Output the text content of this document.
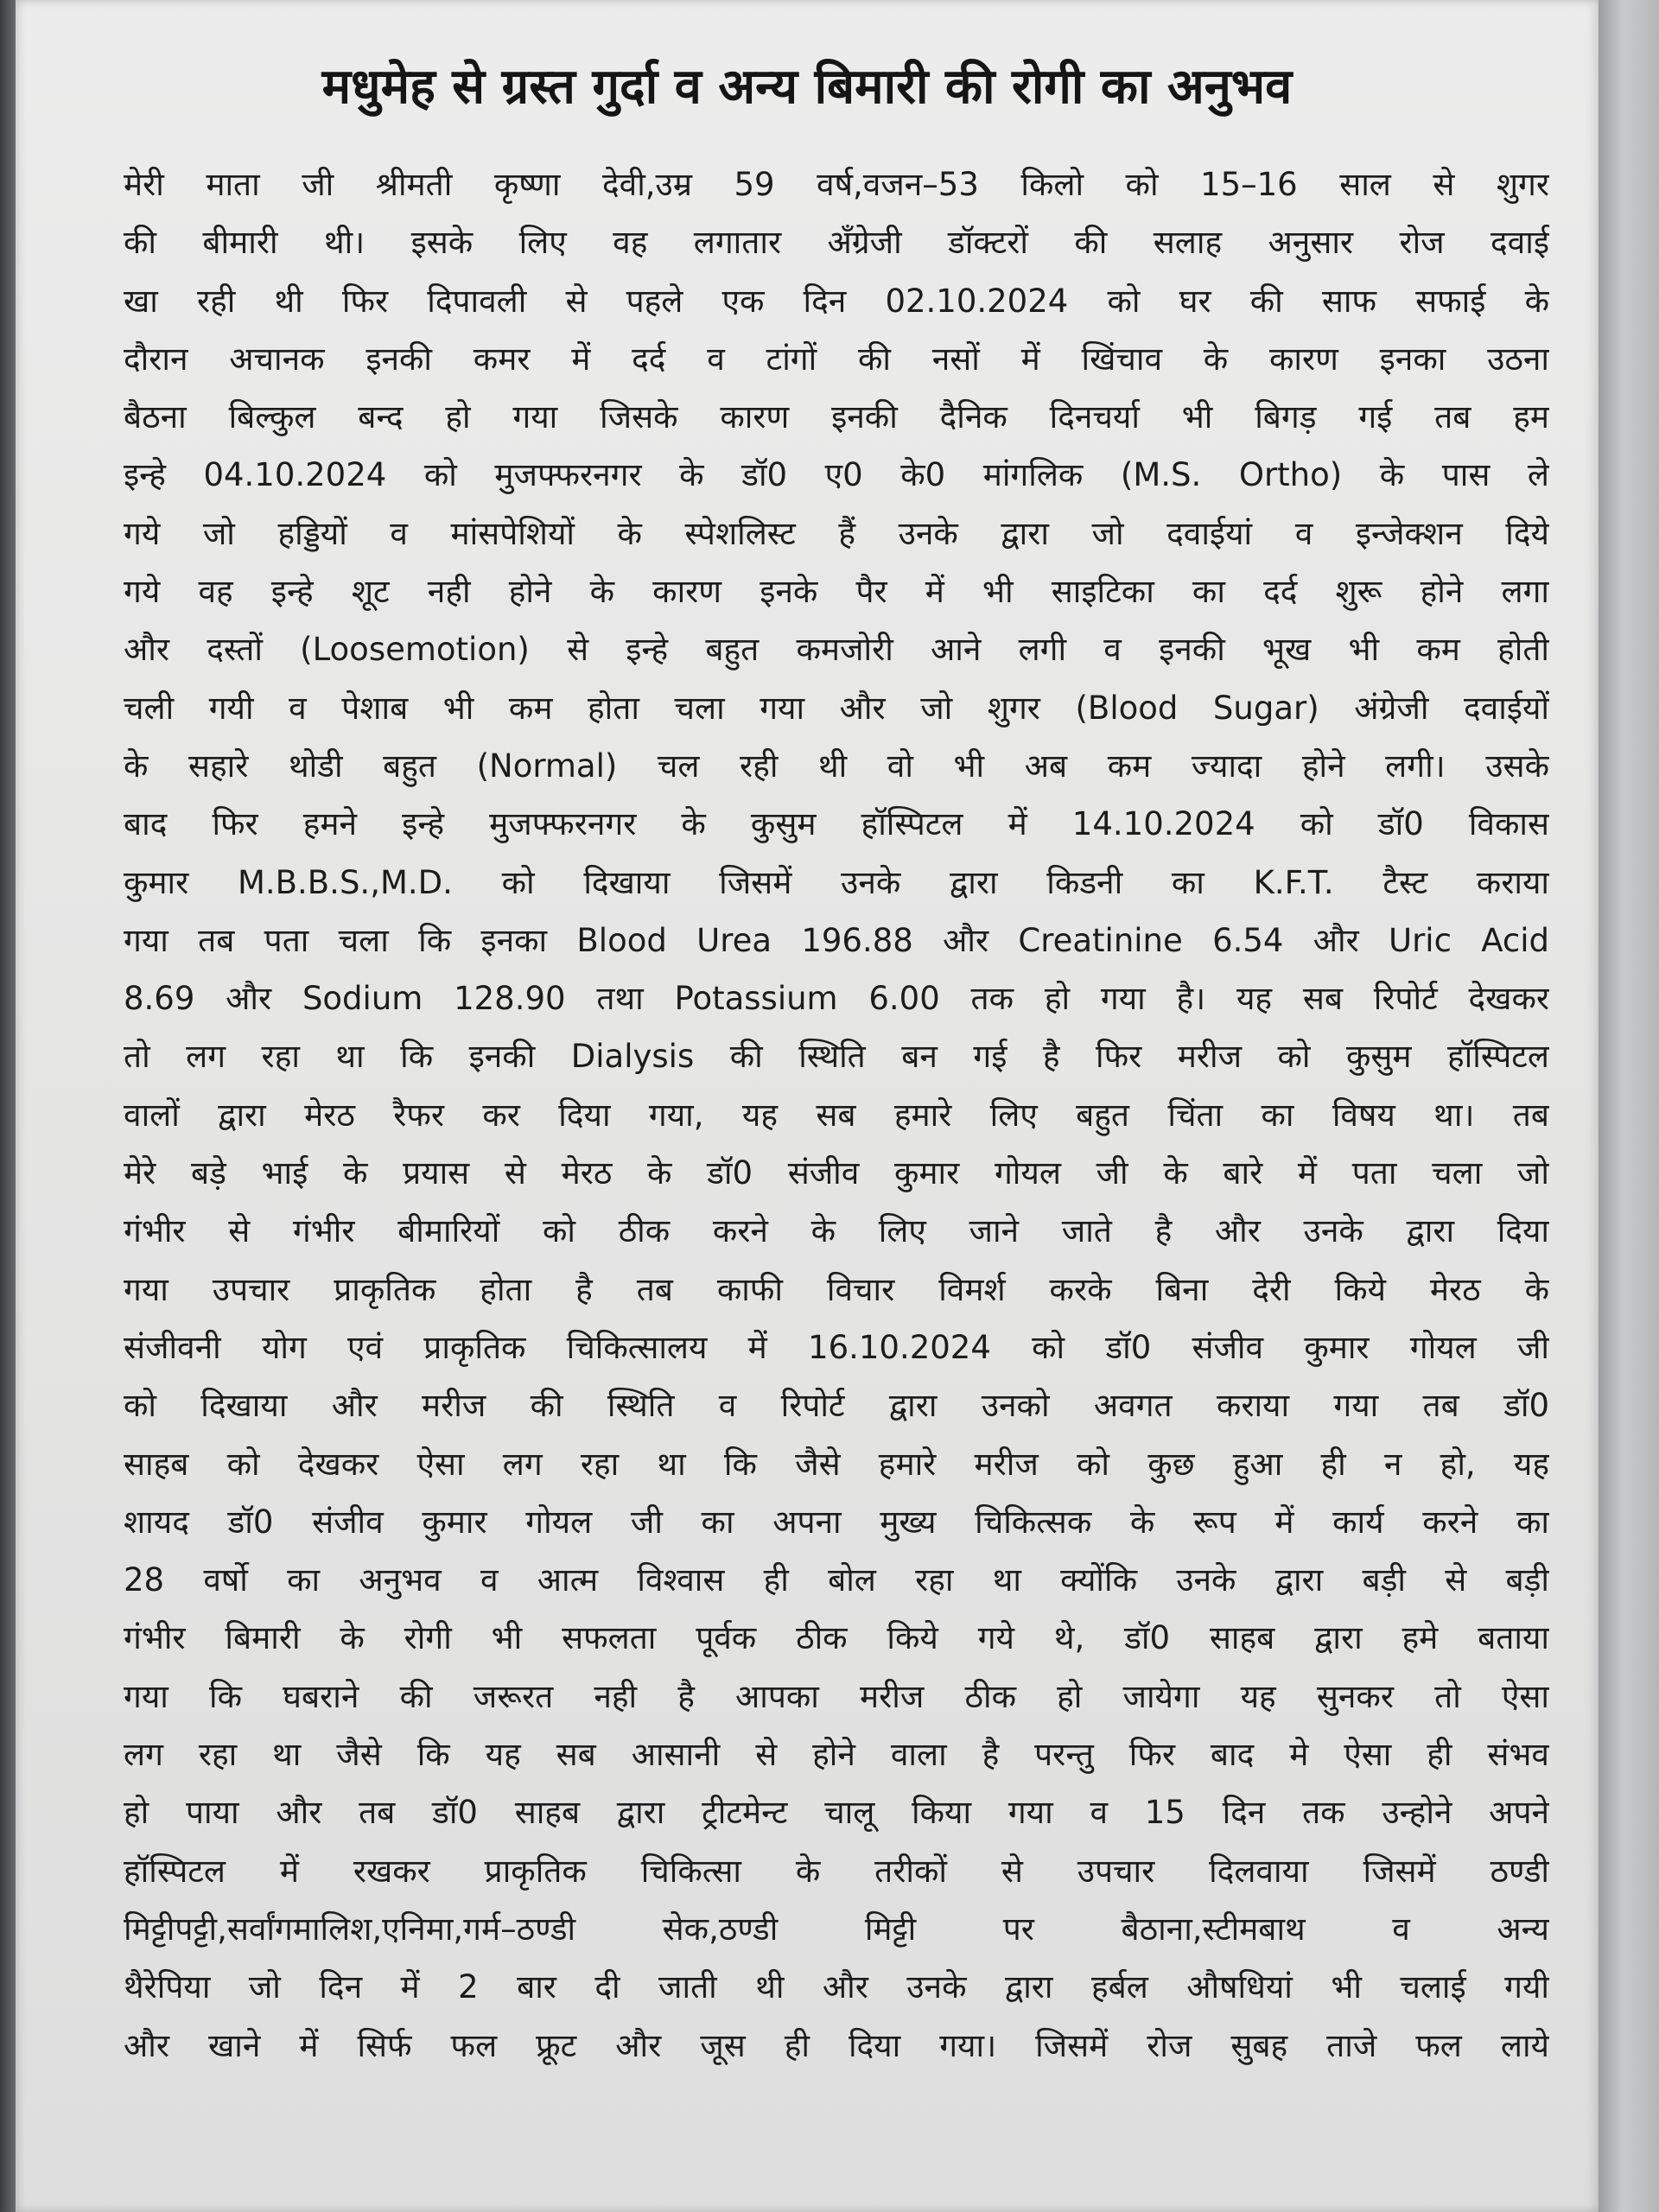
मधुमेह से ग्रस्त गुर्दा व अन्य बिमारी की रोगी का अनुभव
मेरी माता जी श्रीमती कृष्णा देवी,उम्र 59 वर्ष,वजन–53 किलो को 15–16 साल से शुगर
की बीमारी थी। इसके लिए वह लगातार अँग्रेजी डॉक्टरों की सलाह अनुसार रोज दवाई
खा रही थी फिर दिपावली से पहले एक दिन 02.10.2024 को घर की साफ सफाई के
दौरान अचानक इनकी कमर में दर्द व टांगों की नसों में खिंचाव के कारण इनका उठना
बैठना बिल्कुल बन्द हो गया जिसके कारण इनकी दैनिक दिनचर्या भी बिगड़ गई तब हम
इन्हे 04.10.2024 को मुजफ्फरनगर के डॉ0 ए0 के0 मांगलिक (M.S. Ortho) के पास ले
गये जो हड्डियों व मांसपेशियों के स्पेशलिस्ट हैं उनके द्वारा जो दवाईयां व इन्जेक्शन दिये
गये वह इन्हे शूट नही होने के कारण इनके पैर में भी साइटिका का दर्द शुरू होने लगा
और दस्तों (Loosemotion) से इन्हे बहुत कमजोरी आने लगी व इनकी भूख भी कम होती
चली गयी व पेशाब भी कम होता चला गया और जो शुगर (Blood Sugar) अंग्रेजी दवाईयों
के सहारे थोडी बहुत (Normal) चल रही थी वो भी अब कम ज्यादा होने लगी। उसके
बाद फिर हमने इन्हे मुजफ्फरनगर के कुसुम हॉस्पिटल में 14.10.2024 को डॉ0 विकास
कुमार M.B.B.S.,M.D. को दिखाया जिसमें उनके द्वारा किडनी का K.F.T. टैस्ट कराया
गया तब पता चला कि इनका Blood Urea 196.88 और Creatinine 6.54 और Uric Acid
8.69 और Sodium 128.90 तथा Potassium 6.00 तक हो गया है। यह सब रिपोर्ट देखकर
तो लग रहा था कि इनकी Dialysis की स्थिति बन गई है फिर मरीज को कुसुम हॉस्पिटल
वालों द्वारा मेरठ रैफर कर दिया गया, यह सब हमारे लिए बहुत चिंता का विषय था। तब
मेरे बड़े भाई के प्रयास से मेरठ के डॉ0 संजीव कुमार गोयल जी के बारे में पता चला जो
गंभीर से गंभीर बीमारियों को ठीक करने के लिए जाने जाते है और उनके द्वारा दिया
गया उपचार प्राकृतिक होता है तब काफी विचार विमर्श करके बिना देरी किये मेरठ के
संजीवनी योग एवं प्राकृतिक चिकित्सालय में 16.10.2024 को डॉ0 संजीव कुमार गोयल जी
को दिखाया और मरीज की स्थिति व रिपोर्ट द्वारा उनको अवगत कराया गया तब डॉ0
साहब को देखकर ऐसा लग रहा था कि जैसे हमारे मरीज को कुछ हुआ ही न हो, यह
शायद डॉ0 संजीव कुमार गोयल जी का अपना मुख्य चिकित्सक के रूप में कार्य करने का
28 वर्षो का अनुभव व आत्म विश्वास ही बोल रहा था क्योंकि उनके द्वारा बड़ी से बड़ी
गंभीर बिमारी के रोगी भी सफलता पूर्वक ठीक किये गये थे, डॉ0 साहब द्वारा हमे बताया
गया कि घबराने की जरूरत नही है आपका मरीज ठीक हो जायेगा यह सुनकर तो ऐसा
लग रहा था जैसे कि यह सब आसानी से होने वाला है परन्तु फिर बाद मे ऐसा ही संभव
हो पाया और तब डॉ0 साहब द्वारा ट्रीटमेन्ट चालू किया गया व 15 दिन तक उन्होने अपने
हॉस्पिटल में रखकर प्राकृतिक चिकित्सा के तरीकों से उपचार दिलवाया जिसमें ठण्डी
मिट्टीपट्टी,सर्वांगमालिश,एनिमा,गर्म–ठण्डी सेक,ठण्डी मिट्टी पर बैठाना,स्टीमबाथ व अन्य
थैरेपिया जो दिन में 2 बार दी जाती थी और उनके द्वारा हर्बल औषधियां भी चलाई गयी
और खाने में सिर्फ फल फ्रूट और जूस ही दिया गया। जिसमें रोज सुबह ताजे फल लाये
